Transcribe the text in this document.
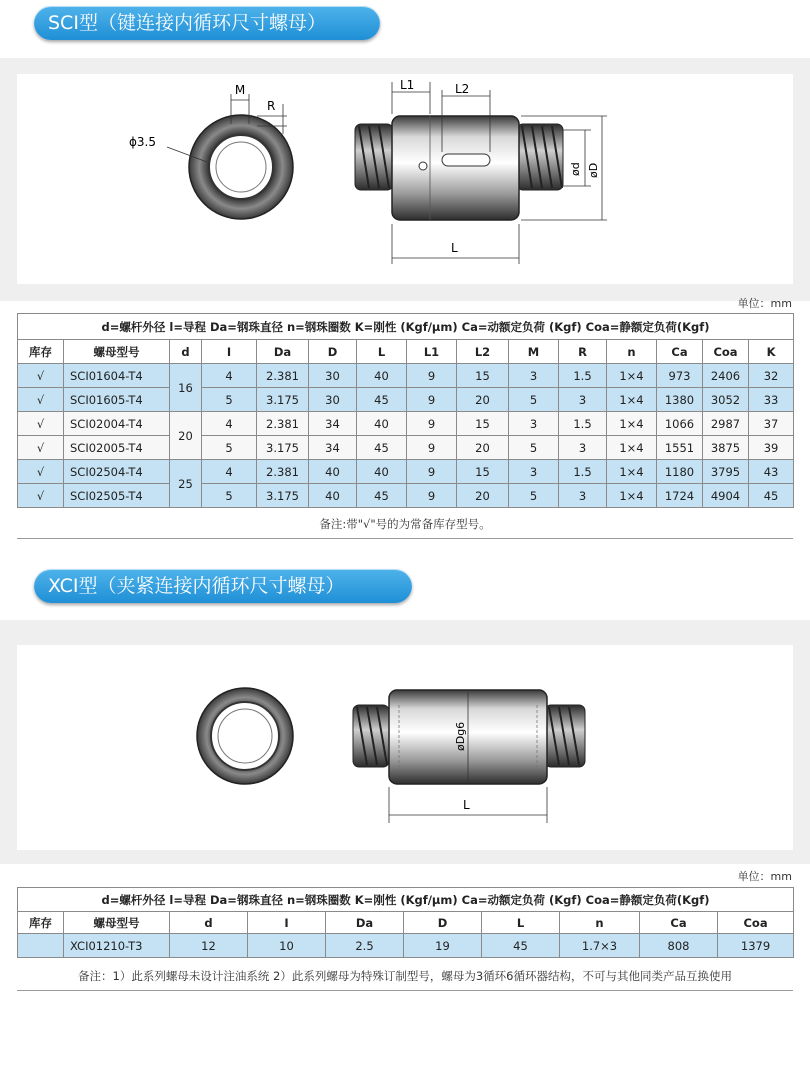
SCI型（键连接内循环尺寸螺母）
M
R
ϕ3.5
L1	L2
L
ød øD
单位：mm
d=螺杆外径 l=导程 Da=钢珠直径 n=钢珠圈数 K=刚性 (Kgf/μm) Ca=动额定负荷 (Kgf) Coa=静额定负荷(Kgf)														
库存	螺母型号	d	I	Da	D	L	L1	L2	M	R	n	Ca	Coa	K
√	SCI01604-T4	16	4	2.381	30	40	9	15	3	1.5	1×4	973	2406	32
√	SCI01605-T4		5	3.175	30	45	9	20	5	3	1×4	1380	3052	33
√	SCI02004-T4	20	4	2.381	34	40	9	15	3	1.5	1×4	1066	2987	37
√	SCI02005-T4		5	3.175	34	45	9	20	5	3	1×4	1551	3875	39
√	SCI02504-T4	25	4	2.381	40	40	9	15	3	1.5	1×4	1180	3795	43
√	SCI02505-T4		5	3.175	40	45	9	20	5	3	1×4	1724	4904	45
备注:带"√"号的为常备库存型号。
XCI型（夹紧连接内循环尺寸螺母）
øDg6
L
单位：mm
d=螺杆外径 l=导程 Da=钢珠直径 n=钢珠圈数 K=刚性 (Kgf/μm) Ca=动额定负荷 (Kgf) Coa=静额定负荷(Kgf)									
库存	螺母型号	d	I	Da	D	L	n	Ca	Coa
	XCI01210-T3	12	10	2.5	19	45	1.7×3	808	1379
备注：1）此系列螺母未设计注油系统 2）此系列螺母为特殊订制型号，螺母为3循环6循环器结构，不可与其他同类产品互换使用
